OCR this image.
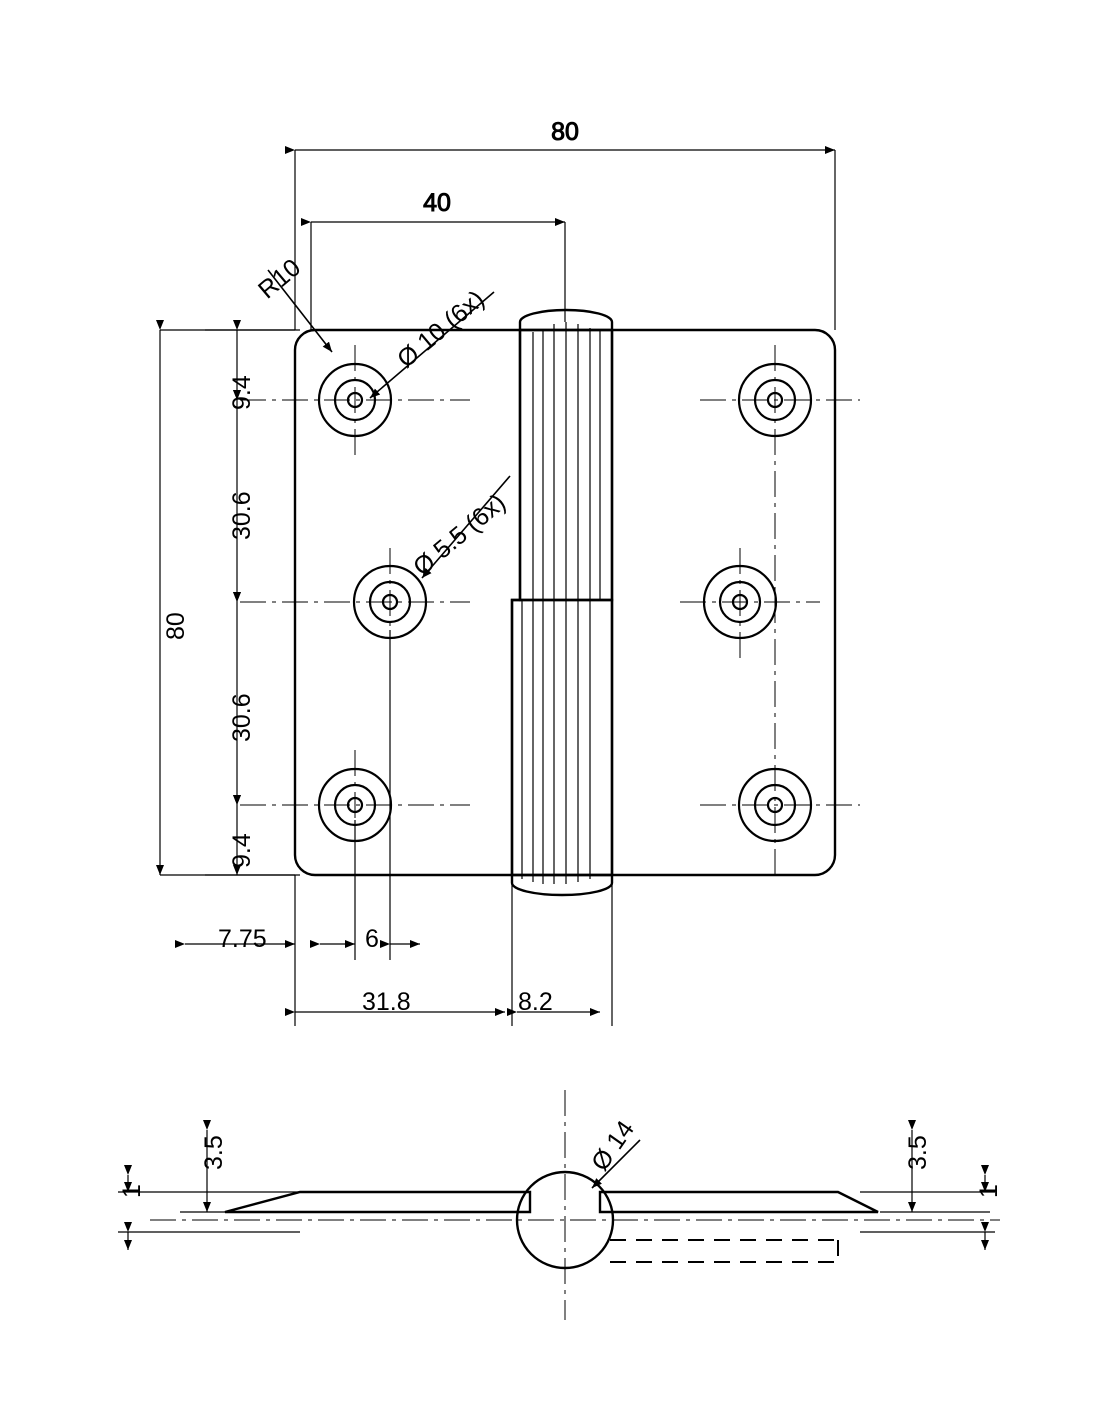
80
40
80
9.4
30.6
30.6
9.4
R10
Ø 10 (6x)
Ø 5.5 (6x)
7.75	6
31.8	8.2
3.5	3.5
1	1
Ø 14
